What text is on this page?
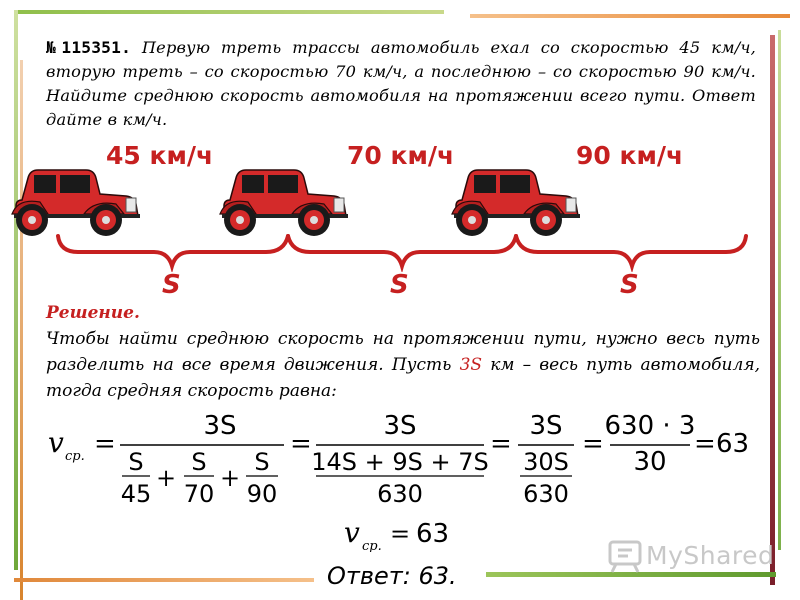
№115351. Первую треть трассы автомобиль ехал со скоростью 45 км/ч, вторую треть – со скоростью 70 км/ч, а последнюю – со скоростью 90 км/ч. Найдите среднюю скорость автомобиля на протяжении всего пути. Ответ дайте в км/ч.

45 км/ч	70 км/ч	90 км/ч
S	S	S
Решение.

Чтобы найти среднюю скорость на протяжении пути, нужно весь путь разделить на все время движения. Пусть 3S км – весь путь автомобиля, тогда средняя скорость равна:

v ср. =
3S
S
45
+
S
70
+
S
90
=
3S
14S + 9S + 7S
630
=
3S
30S
630
=
630 · 3
30
= 63
v ср. = 63
MyShared
Ответ: 63.
